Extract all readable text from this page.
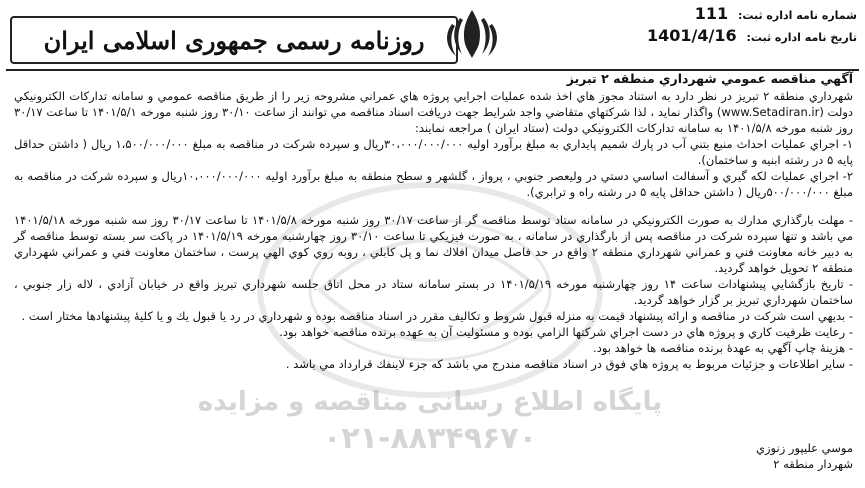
پایگاه اطلاع رسانی مناقصه و مزایده
۰۲۱-۸۸۳۴۹۶۷۰
شماره نامه اداره ثبت: 111
تاریخ نامه اداره ثبت: 1401/4/16
روزنامه رسمی جمهوری اسلامی ایران
آگهي مناقصه عمومي شهرداري منطقه ۲ تبریز

شهرداري منطقه ۲ تبریز در نظر دارد به استناد مجوز هاي اخذ شده عمليات اجرايي پروژه هاي عمراني مشروحه زير را از طريق مناقصه عمومي و سامانه تداركات الكترونيكي دولت (www.Setadiran.ir) واگذار نمايد ، لذا شركتهاي متقاضي واجد شرايط جهت دريافت اسناد مناقصه مي توانند از ساعت ۳۰/۱۰ روز شنبه مورخه ۱۴۰۱/۵/۱ تا ساعت ۳۰/۱۷ روز شنبه مورخه ۱۴۰۱/۵/۸ به سامانه تداركات الكترونيكي دولت (ستاد ايران ) مراجعه نمايند:

۱- اجراي عمليات احداث منبع بتني آب در پارك شميم پايداري به مبلغ برآورد اوليه ۳۰،۰۰۰/۰۰۰/۰۰۰ريال و سپرده شركت در مناقصه به مبلغ ۱،۵۰۰/۰۰۰/۰۰۰ ريال ( داشتن حداقل پايه ۵ در رشته ابنيه و ساختمان).

۲- اجراي عمليات لكه گيري و آسفالت اساسي دستي در وليعصر جنوبي ، پرواز ، گلشهر و سطح منطقه به مبلغ برآورد اوليه ۱۰،۰۰۰/۰۰۰/۰۰۰ريال و سپرده شركت در مناقصه به مبلغ ۵۰۰/۰۰۰/۰۰۰ريال ( داشتن حداقل پايه ۵ در رشته راه و ترابري).

- مهلت بارگذاري مدارك به صورت الكترونيكي در سامانه ستاد توسط مناقصه گر از ساعت ۳۰/۱۷ روز شنبه مورخه ۱۴۰۱/۵/۸ تا ساعت ۳۰/۱۷ روز سه شنبه مورخه ۱۴۰۱/۵/۱۸ مي باشد و تنها سپرده شركت در مناقصه پس از بارگذاري در سامانه ، به صورت فيزيكي تا ساعت ۳۰/۱۰ روز چهارشنبه مورخه ۱۴۰۱/۵/۱۹ در پاكت سر بسته توسط مناقصه گر به دبير خانه معاونت فني و عمراني شهرداري منطقه ۲ واقع در حد فاصل ميدان افلاك نما و پل كابلي ، روبه روي كوي الهي پرست ، ساختمان معاونت فني و عمراني شهرداري منطقه ۲ تحويل خواهد گرديد.

- تاريخ بازگشايي پيشنهادات ساعت ۱۴ روز چهارشنبه مورخه ۱۴۰۱/۵/۱۹ در بستر سامانه ستاد در محل اتاق جلسه شهرداري تبريز واقع در خيابان آزادي ، لاله زار جنوبي ، ساختمان شهرداري تبريز بر گزار خواهد گرديد.

- بديهي است شركت در مناقصه و ارائه پيشنهاد قيمت به منزله قبول شروط و تكاليف مقرر در اسناد مناقصه بوده و شهرداري در رد يا قبول يك و يا كليهٔ پيشنهادها مختار است .

- رعايت ظرفيت كاري و پروژه هاي در دست اجراي شركتها الزامي بوده و مسئوليت آن به عهده برنده مناقصه خواهد بود.

- هزينهٔ چاپ آگهي به عهدهٔ برنده مناقصه ها خواهد بود.

- ساير اطلاعات و جزئيات مربوط به پروژه هاي فوق در اسناد مناقصه مندرج مي باشد كه جزء لاينفك قرارداد مي باشد .

موسي عليپور زنوزي
شهردار منطقه ۲
